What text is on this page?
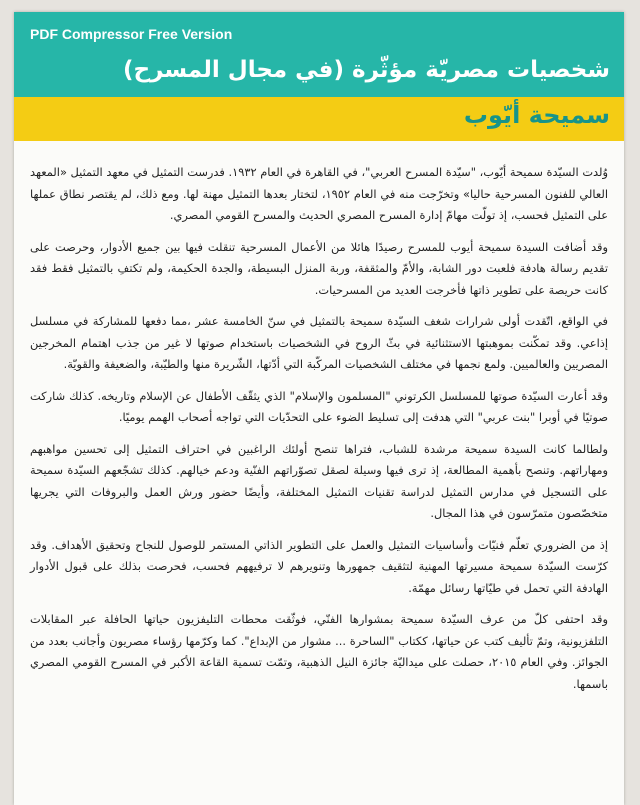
شخصيات مصريّة مؤثّرة (في مجال المسرح)
PDF Compressor Free Version
سميحة أيّوب

وُلدت السيّدة سميحة أيّوب، "سيّدة المسرح العربي"، في القاهرة في العام ١٩٣٢. فدرست التمثيل في معهد التمثيل «المعهد العالي للفنون المسرحية حاليا» وتخرّجت منه في العام ١٩٥٢، لتختار بعدها التمثيل مهنة لها. ومع ذلك، لم يقتصر نطاق عملها على التمثيل فحسب، إذ تولّت مهامّ إدارة المسرح المصري الحديث والمسرح القومي المصري.

وقد أضافت السيدة سميحة أيوب للمسرح رصيدًا هائلا من الأعمال المسرحية تنقلت فيها بين جميع الأدوار، وحرصت على تقديم رسالة هادفة فلعبت دور الشابة، والأمّ والمثقفة، وربة المنزل البسيطة، والجدة الحكيمة، ولم تكتفِ بالتمثيل فقط فقد كانت حريصة على تطوير ذاتها فأخرجت العديد من المسرحيات.

في الواقع، اتّقدت أولى شرارات شغف السيّدة سميحة بالتمثيل في سنّ الخامسة عشر ،مما دفعها للمشاركة في مسلسل إذاعي. وقد تمكّنت بموهبتها الاستثنائية في بثّ الروح في الشخصيات باستخدام صوتها لا غير من جذب اهتمام المخرجين المصريين والعالميين. ولمع نجمها في مختلف الشخصيات المركّبة التي أدّتها، الشّريرة منها والطيّبة، والضعيفة والقويّة.

وقد أعارت السيّدة صوتها للمسلسل الكرتوني "المسلمون والإسلام" الذي يثقّف الأطفال عن الإسلام وتاريخه. كذلك شاركت صوتيًا في أوبرا "بنت عربي" التي هدفت إلى تسليط الضوء على التحدّيات التي تواجه أصحاب الهمم يوميًا.

ولطالما كانت السيدة سميحة مرشدة للشباب، فتراها تنصح أولئك الراغبين في احتراف التمثيل إلى تحسين مواهبهم ومهاراتهم. وتنصح بأهمية المطالعة، إذ ترى فيها وسيلة لصقل تصوّراتهم الفنّية ودعم خيالهم. كذلك تشجّعهم السيّدة سميحة على التسجيل في مدارس التمثيل لدراسة تقنيات التمثيل المختلفة، وأيضًا حضور ورش العمل والبروفات التي يجريها متخصّصون متمرّسون في هذا المجال.

إذ من الضروري تعلّم فنيّات وأساسيات التمثيل والعمل على التطوير الذاتي المستمر للوصول للنجاح وتحقيق الأهداف. وقد كرّست السيّدة سميحة مسيرتها المهنية لتثقيف جمهورها وتنويرهم لا ترفيههم فحسب، فحرصت بذلك على قبول الأدوار الهادفة التي تحمل في طيّاتها رسائل مهمّة.

وقد احتفى كلّ من عرف السيّدة سميحة بمشوارها الفنّي، فوثّقت محطات التليفزيون حياتها الحافلة عبر المقابلات التلفزيونية، وتمّ تأليف كتب عن حياتها، ككتاب "الساحرة ... مشوار من الإبداع". كما وكرّمها رؤساء مصريون وأجانب بعدد من الجوائز. وفي العام ٢٠١٥، حصلت على ميداليّة جائزة النيل الذهبية، وتمّت تسمية القاعة الأكبر في المسرح القومي المصري باسمها.
